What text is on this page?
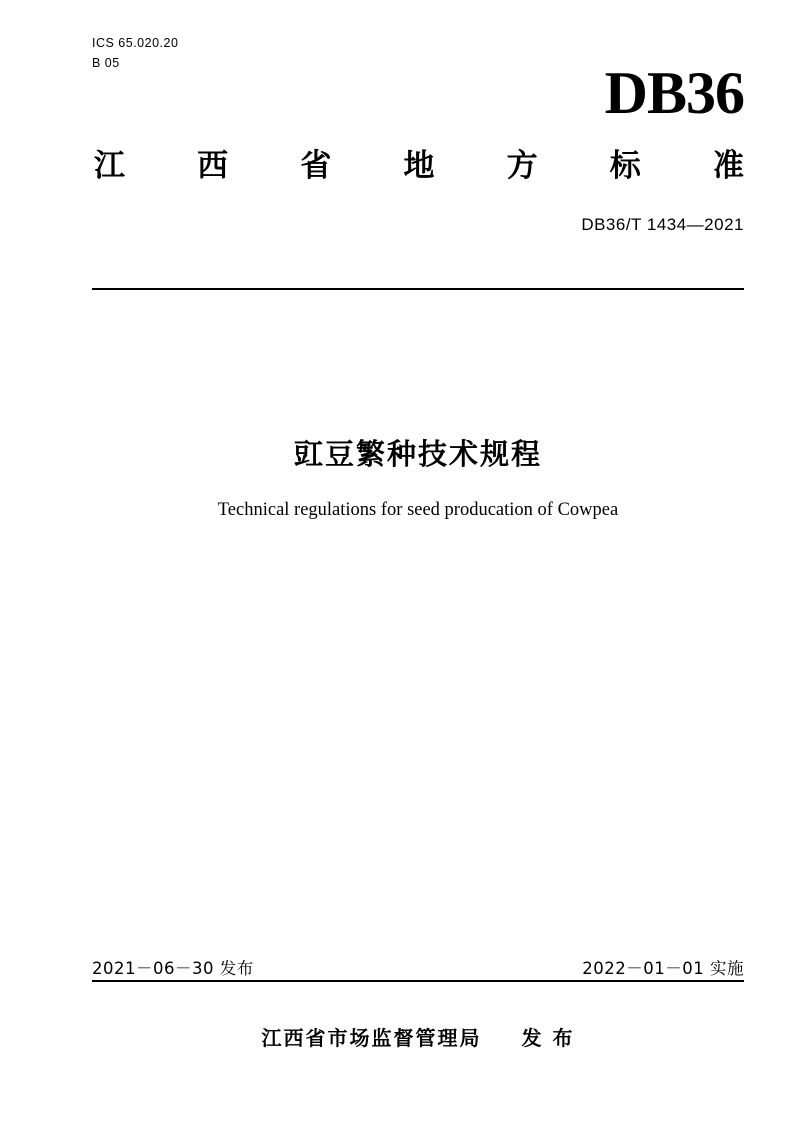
ICS 65.020.20
B 05	DB36
江 西 省 地 方 标 准
DB36/T 1434—2021
豇豆繁种技术规程
Technical regulations for seed producation of Cowpea
2021－06－30 发布	2022－01－01 实施
江西省市场监督管理局 发 布
